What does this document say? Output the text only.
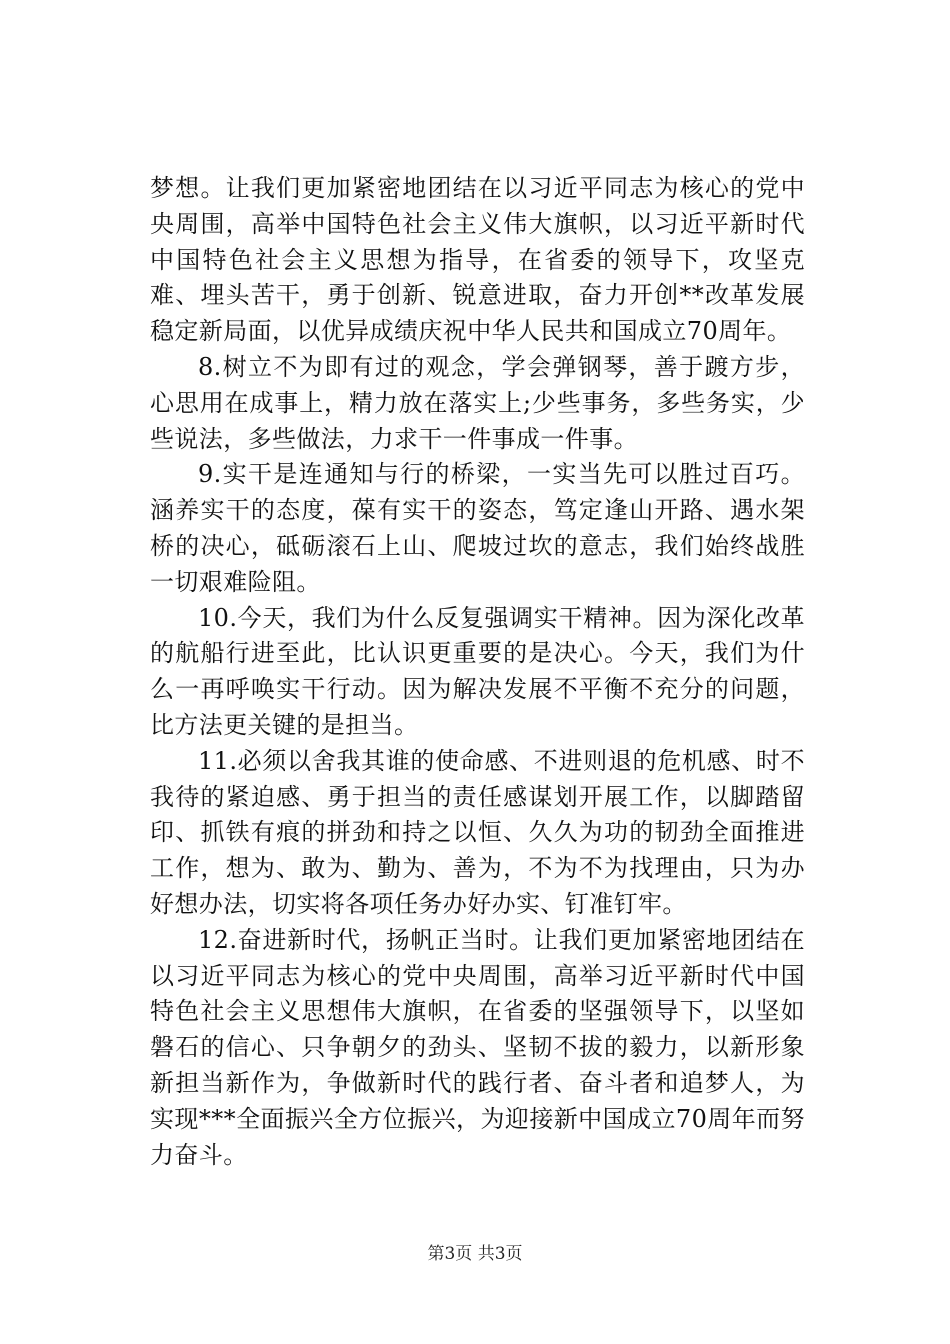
梦想。让我们更加紧密地团结在以习近平同志为核心的党中央周围，高举中国特色社会主义伟大旗帜，以习近平新时代中国特色社会主义思想为指导，在省委的领导下，攻坚克难、埋头苦干，勇于创新、锐意进取，奋力开创**改革发展稳定新局面，以优异成绩庆祝中华人民共和国成立70周年。

8.树立不为即有过的观念，学会弹钢琴，善于踱方步，心思用在成事上，精力放在落实上;少些事务，多些务实，少些说法，多些做法，力求干一件事成一件事。

9.实干是连通知与行的桥梁，一实当先可以胜过百巧。涵养实干的态度，葆有实干的姿态，笃定逢山开路、遇水架桥的决心，砥砺滚石上山、爬坡过坎的意志，我们始终战胜一切艰难险阻。

10.今天，我们为什么反复强调实干精神。因为深化改革的航船行进至此，比认识更重要的是决心。今天，我们为什么一再呼唤实干行动。因为解决发展不平衡不充分的问题，比方法更关键的是担当。

11.必须以舍我其谁的使命感、不进则退的危机感、时不我待的紧迫感、勇于担当的责任感谋划开展工作，以脚踏留印、抓铁有痕的拼劲和持之以恒、久久为功的韧劲全面推进工作，想为、敢为、勤为、善为，不为不为找理由，只为办好想办法，切实将各项任务办好办实、钉准钉牢。

12.奋进新时代，扬帆正当时。让我们更加紧密地团结在以习近平同志为核心的党中央周围，高举习近平新时代中国特色社会主义思想伟大旗帜，在省委的坚强领导下，以坚如磐石的信心、只争朝夕的劲头、坚韧不拔的毅力，以新形象新担当新作为，争做新时代的践行者、奋斗者和追梦人，为实现***全面振兴全方位振兴，为迎接新中国成立70周年而努力奋斗。

第3页 共3页
